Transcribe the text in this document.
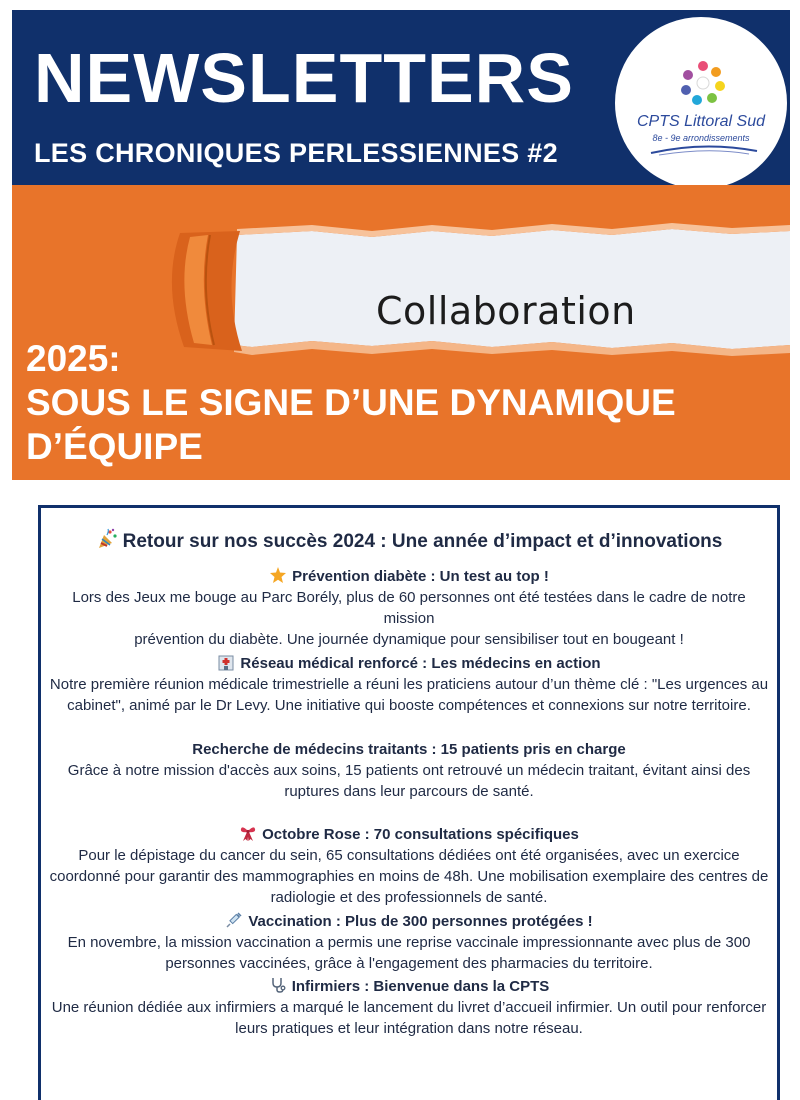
NEWSLETTERS
LES CHRONIQUES PERLESSIENNES #2
CPTS Littoral Sud
8e - 9e arrondissements
Collaboration
2025:
SOUS LE SIGNE D’UNE DYNAMIQUE
D’ÉQUIPE
Retour sur nos succès 2024 : Une année d’impact et d’innovations
Prévention diabète : Un test au top !
Lors des Jeux me bouge au Parc Borély, plus de 60 personnes ont été testées dans le cadre de notre mission
prévention du diabète. Une journée dynamique pour sensibiliser tout en bougeant !
Réseau médical renforcé : Les médecins en action
Notre première réunion médicale trimestrielle a réuni les praticiens autour d’un thème clé : "Les urgences au
cabinet", animé par le Dr Levy. Une initiative qui booste compétences et connexions sur notre territoire.
Recherche de médecins traitants : 15 patients pris en charge
Grâce à notre mission d'accès aux soins, 15 patients ont retrouvé un médecin traitant, évitant ainsi des
ruptures dans leur parcours de santé.
Octobre Rose : 70 consultations spécifiques
Pour le dépistage du cancer du sein, 65 consultations dédiées ont été organisées, avec un exercice
coordonné pour garantir des mammographies en moins de 48h. Une mobilisation exemplaire des centres de
radiologie et des professionnels de santé.
Vaccination : Plus de 300 personnes protégées !
En novembre, la mission vaccination a permis une reprise vaccinale impressionnante avec plus de 300
personnes vaccinées, grâce à l'engagement des pharmacies du territoire.
Infirmiers : Bienvenue dans la CPTS
Une réunion dédiée aux infirmiers a marqué le lancement du livret d’accueil infirmier. Un outil pour renforcer
leurs pratiques et leur intégration dans notre réseau.
